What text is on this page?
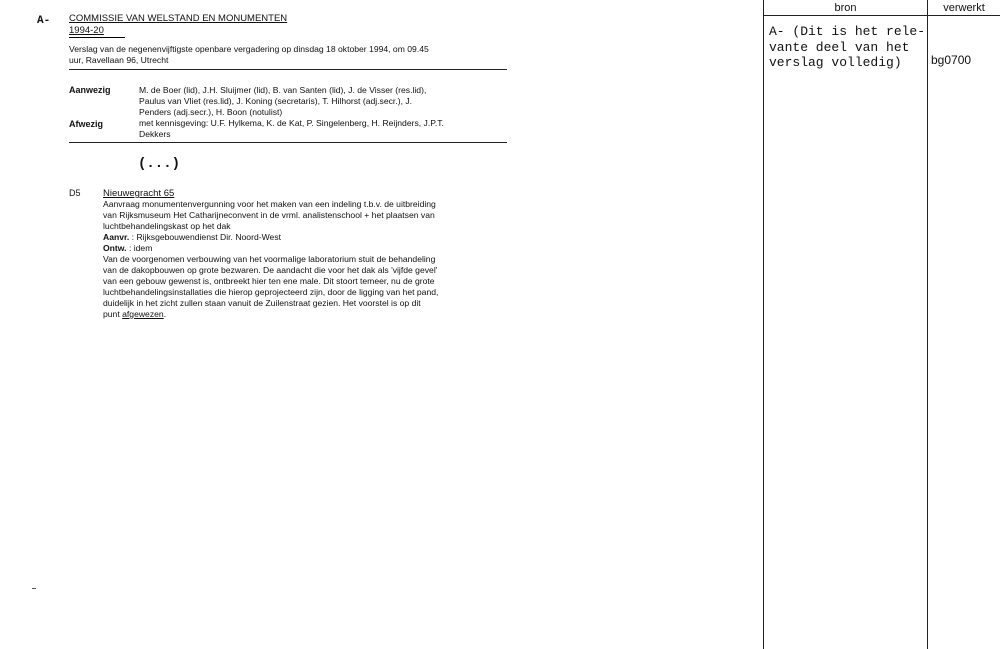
A- COMMISSIE VAN WELSTAND EN MONUMENTEN
1994-20
Verslag van de negenenvijftigste openbare vergadering op dinsdag 18 oktober 1994, om 09.45
uur, Ravellaan 96, Utrecht
Aanwezig	M. de Boer (lid), J.H. Sluijmer (lid), B. van Santen (lid), J. de Visser (res.lid),
Paulus van Vliet (res.lid), J. Koning (secretaris), T. Hilhorst (adj.secr.), J.
Penders (adj.secr.), H. Boon (notulist)
Afwezig	met kennisgeving: U.F. Hylkema, K. de Kat, P. Singelenberg, H. Reijnders, J.P.T.
Dekkers
(...)
D5 Nieuwegracht 65
Aanvraag monumentenvergunning voor het maken van een indeling t.b.v. de uitbreiding
van Rijksmuseum Het Catharijneconvent in de vrml. analistenschool + het plaatsen van
luchtbehandelingskast op het dak
Aanvr. : Rijksgebouwendienst Dir. Noord-West
Ontw. : idem
Van de voorgenomen verbouwing van het voormalige laboratorium stuit de behandeling
van de dakopbouwen op grote bezwaren. De aandacht die voor het dak als 'vijfde gevel'
van een gebouw gewenst is, ontbreekt hier ten ene male. Dit stoort temeer, nu de grote
luchtbehandelingsinstallaties die hierop geprojecteerd zijn, door de ligging van het pand,
duidelijk in het zicht zullen staan vanuit de Zuilenstraat gezien. Het voorstel is op dit
punt afgewezen.
bron	verwerkt
A- (Dit is het rele-
vante deel van het
verslag volledig)	bg0700
